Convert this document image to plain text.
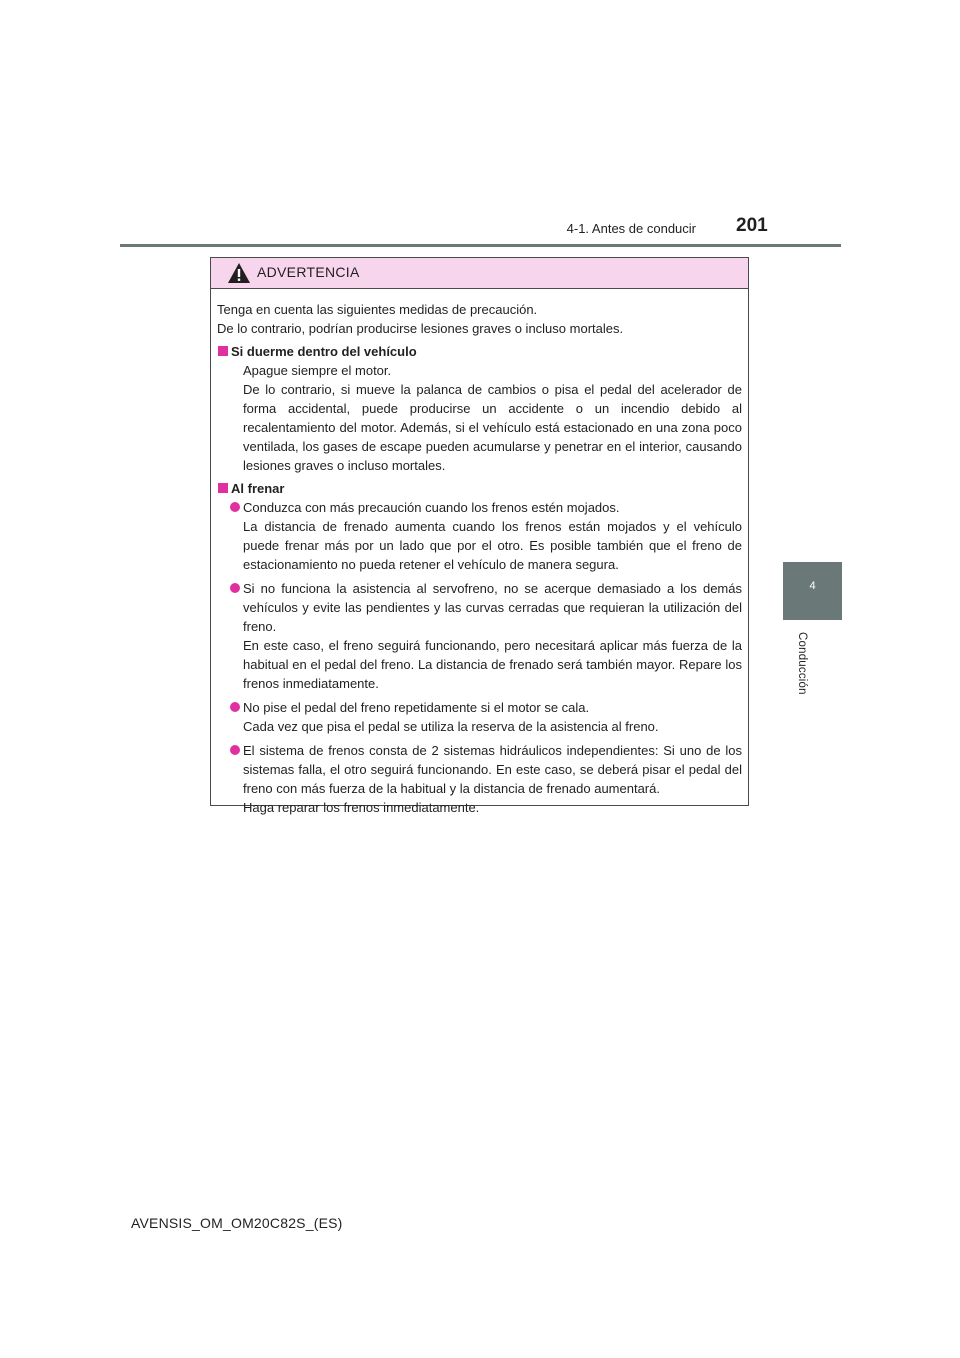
4-1. Antes de conducir 201
4
Conducción
ADVERTENCIA

Tenga en cuenta las siguientes medidas de precaución.

De lo contrario, podrían producirse lesiones graves o incluso mortales.

Si duerme dentro del vehículo

Apague siempre el motor.

De lo contrario, si mueve la palanca de cambios o pisa el pedal del acelerador de forma accidental, puede producirse un accidente o un incendio debido al recalentamiento del motor. Además, si el vehículo está estacionado en una zona poco ventilada, los gases de escape pueden acumularse y penetrar en el interior, causando lesiones graves o incluso mortales.

Al frenar

Conduzca con más precaución cuando los frenos estén mojados.

La distancia de frenado aumenta cuando los frenos están mojados y el vehículo puede frenar más por un lado que por el otro. Es posible también que el freno de estacionamiento no pueda retener el vehículo de manera segura.

Si no funciona la asistencia al servofreno, no se acerque demasiado a los demás vehículos y evite las pendientes y las curvas cerradas que requieran la utilización del freno.

En este caso, el freno seguirá funcionando, pero necesitará aplicar más fuerza de la habitual en el pedal del freno. La distancia de frenado será también mayor. Repare los frenos inmediatamente.

No pise el pedal del freno repetidamente si el motor se cala.

Cada vez que pisa el pedal se utiliza la reserva de la asistencia al freno.

El sistema de frenos consta de 2 sistemas hidráulicos independientes: Si uno de los sistemas falla, el otro seguirá funcionando. En este caso, se deberá pisar el pedal del freno con más fuerza de la habitual y la distancia de frenado aumentará.

Haga reparar los frenos inmediatamente.

AVENSIS_OM_OM20C82S_(ES)
